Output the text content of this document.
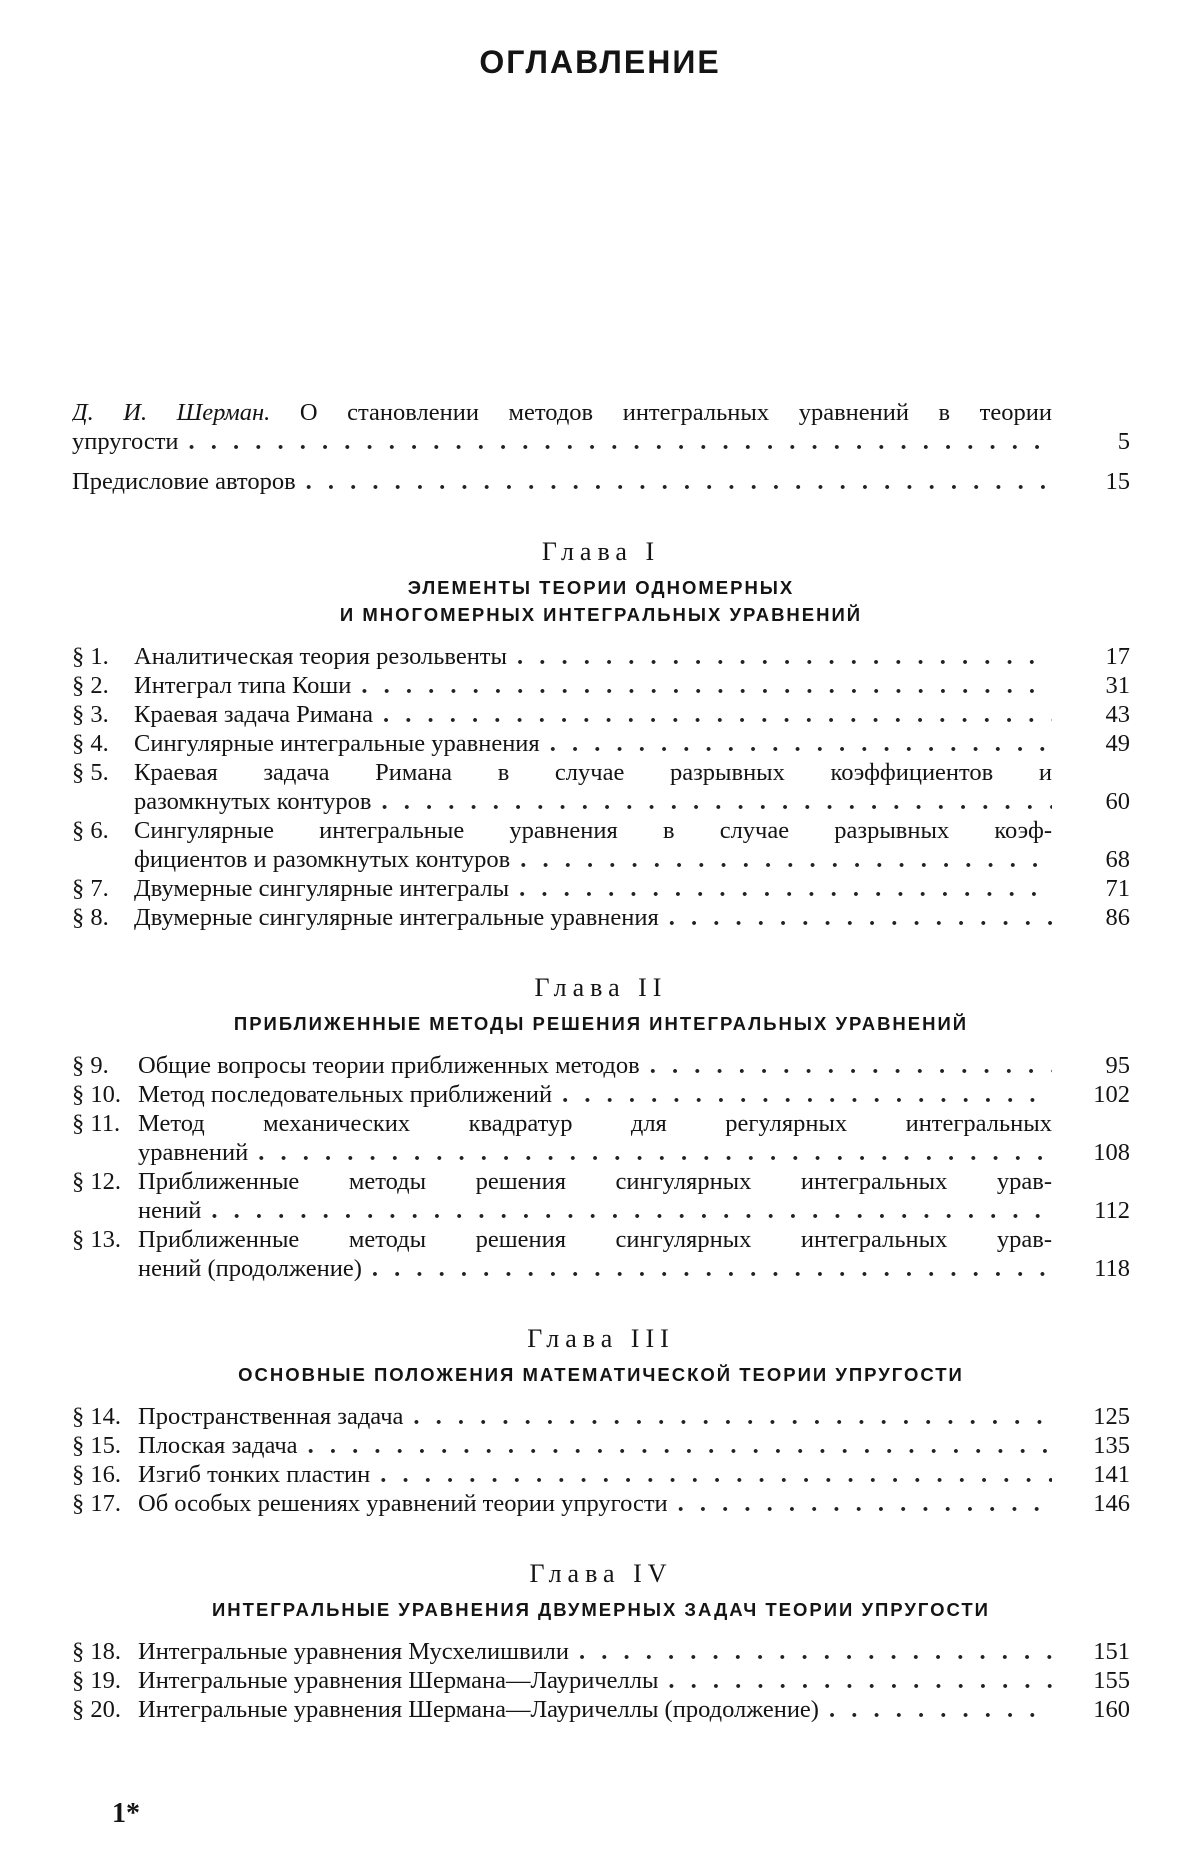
ОГЛАВЛЕНИЕ
Д. И. Шерман. О становлении методов интегральных уравнений в теории
упругости . . .	5
Предисловие авторов . . .	15
Глава I
ЭЛЕМЕНТЫ ТЕОРИИ ОДНОМЕРНЫХ
И МНОГОМЕРНЫХ ИНТЕГРАЛЬНЫХ УРАВНЕНИЙ
§ 1. Аналитическая теория резольвенты . . .	17
§ 2. Интеграл типа Коши . . .	31
§ 3. Краевая задача Римана . . .	43
§ 4. Сингулярные интегральные уравнения . . .	49
§ 5. Краевая задача Римана в случае разрывных коэффициентов и
разомкнутых контуров . . .	60
§ 6. Сингулярные интегральные уравнения в случае разрывных коэф-
фициентов и разомкнутых контуров . . .	68
§ 7. Двумерные сингулярные интегралы . . .	71
§ 8. Двумерные сингулярные интегральные уравнения . . .	86
Глава II
ПРИБЛИЖЕННЫЕ МЕТОДЫ РЕШЕНИЯ ИНТЕГРАЛЬНЫХ УРАВНЕНИЙ
§ 9. Общие вопросы теории приближенных методов . . .	95
§ 10. Метод последовательных приближений . . .	102
§ 11. Метод механических квадратур для регулярных интегральных
уравнений . . .	108
§ 12. Приближенные методы решения сингулярных интегральных урав-
нений . . .	112
§ 13. Приближенные методы решения сингулярных интегральных урав-
нений (продолжение) . . .	118
Глава III
ОСНОВНЫЕ ПОЛОЖЕНИЯ МАТЕМАТИЧЕСКОЙ ТЕОРИИ УПРУГОСТИ
§ 14. Пространственная задача . . .	125
§ 15. Плоская задача . . .	135
§ 16. Изгиб тонких пластин . . .	141
§ 17. Об особых решениях уравнений теории упругости . . .	146
Глава IV
ИНТЕГРАЛЬНЫЕ УРАВНЕНИЯ ДВУМЕРНЫХ ЗАДАЧ ТЕОРИИ УПРУГОСТИ
§ 18. Интегральные уравнения Мусхелишвили . . .	151
§ 19. Интегральные уравнения Шермана—Лауричеллы . . .	155
§ 20. Интегральные уравнения Шермана—Лауричеллы (продолжение) . . .	160
1*
